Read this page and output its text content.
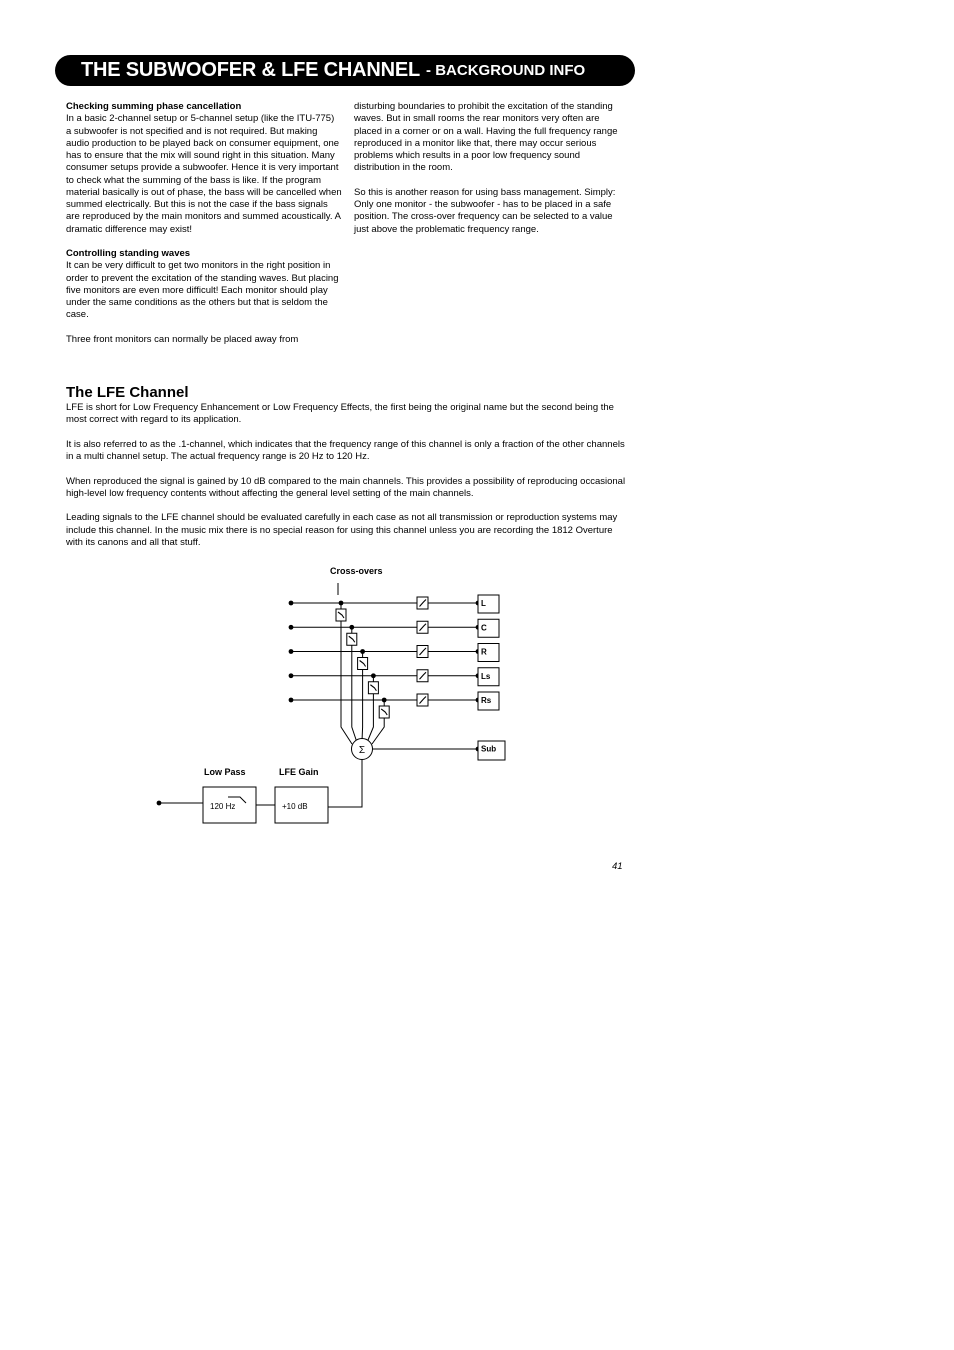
THE SUBWOOFER & LFE CHANNEL - BACKGROUND INFO

Checking summing phase cancellation
In a basic 2-channel setup or 5-channel setup (like the ITU-775) a subwoofer is not specified and is not required. But making audio production to be played back on consumer equipment, one has to ensure that the mix will sound right in this situation. Many consumer setups provide a subwoofer. Hence it is very important to check what the summing of the bass is like. If the program material basically is out of phase, the bass will be cancelled when summed electrically. But this is not the case if the bass signals are reproduced by the main monitors and summed acoustically. A dramatic difference may exist!

Controlling standing waves
It can be very difficult to get two monitors in the right position in order to prevent the excitation of the standing waves. But placing five monitors are even more difficult! Each monitor should play under the same conditions as the others but that is seldom the case.

Three front monitors can normally be placed away from

disturbing boundaries to prohibit the excitation of the standing waves. But in small rooms the rear monitors very often are placed in a corner or on a wall. Having the full frequency range reproduced in a monitor like that, there may occur serious problems which results in a poor low frequency sound distribution in the room.

So this is another reason for using bass management. Simply: Only one monitor - the subwoofer - has to be placed in a safe position. The cross-over frequency can be selected to a value just above the problematic frequency range.

The LFE Channel

LFE is short for Low Frequency Enhancement or Low Frequency Effects, the first being the original name but the second being the most correct with regard to its application.

It is also referred to as the .1-channel, which indicates that the frequency range of this channel is only a fraction of the other channels in a multi channel setup. The actual frequency range is 20 Hz to 120 Hz.

When reproduced the signal is gained by 10 dB compared to the main channels. This provides a possibility of reproducing occasional high-level low frequency contents without affecting the general level setting of the main channels.

Leading signals to the LFE channel should be evaluated carefully in each case as not all transmission or reproduction systems may include this channel. In the music mix there is no special reason for using this channel unless you are recording the 1812 Overture with its canons and all that stuff.

Cross-overs
L
C
R
Ls
Rs
Σ	Sub
Low Pass	LFE Gain
120 Hz	+10 dB
41
